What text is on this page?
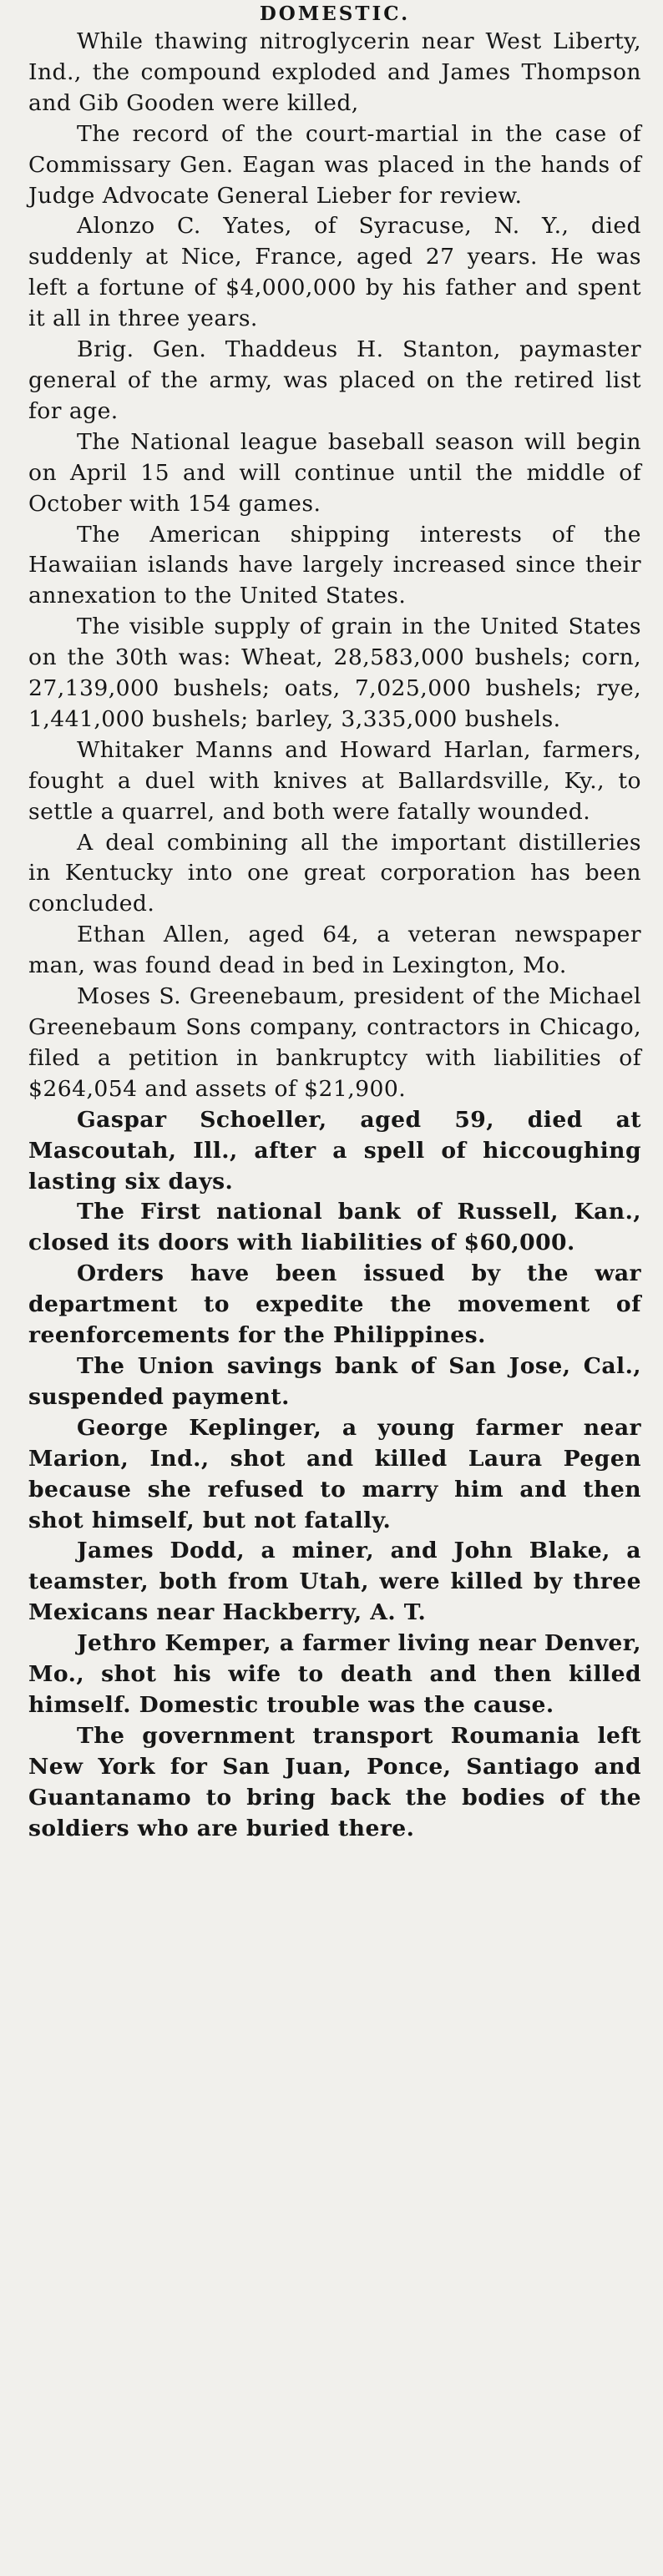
DOMESTIC.

While thawing nitroglycerin near West Liberty, Ind., the compound exploded and James Thompson and Gib Gooden were killed,

The record of the court-martial in the case of Commissary Gen. Eagan was placed in the hands of Judge Advocate General Lieber for review.

Alonzo C. Yates, of Syracuse, N. Y., died suddenly at Nice, France, aged 27 years. He was left a fortune of $4,000,000 by his father and spent it all in three years.

Brig. Gen. Thaddeus H. Stanton, paymaster general of the army, was placed on the retired list for age.

The National league baseball season will begin on April 15 and will continue until the middle of October with 154 games.

The American shipping interests of the Hawaiian islands have largely increased since their annexation to the United States.

The visible supply of grain in the United States on the 30th was: Wheat, 28,583,000 bushels; corn, 27,139,000 bushels; oats, 7,025,000 bushels; rye, 1,441,000 bushels; barley, 3,335,000 bushels.

Whitaker Manns and Howard Harlan, farmers, fought a duel with knives at Ballardsville, Ky., to settle a quarrel, and both were fatally wounded.

A deal combining all the important distilleries in Kentucky into one great corporation has been concluded.

Ethan Allen, aged 64, a veteran newspaper man, was found dead in bed in Lexington, Mo.

Moses S. Greenebaum, president of the Michael Greenebaum Sons company, contractors in Chicago, filed a petition in bankruptcy with liabilities of $264,054 and assets of $21,900.

Gaspar Schoeller, aged 59, died at Mascoutah, Ill., after a spell of hiccoughing lasting six days.

The First national bank of Russell, Kan., closed its doors with liabilities of $60,000.

Orders have been issued by the war department to expedite the movement of reenforcements for the Philippines.

The Union savings bank of San Jose, Cal., suspended payment.

George Keplinger, a young farmer near Marion, Ind., shot and killed Laura Pegen because she refused to marry him and then shot himself, but not fatally.

James Dodd, a miner, and John Blake, a teamster, both from Utah, were killed by three Mexicans near Hackberry, A. T.

Jethro Kemper, a farmer living near Denver, Mo., shot his wife to death and then killed himself. Domestic trouble was the cause.

The government transport Roumania left New York for San Juan, Ponce, Santiago and Guantanamo to bring back the bodies of the soldiers who are buried there.
